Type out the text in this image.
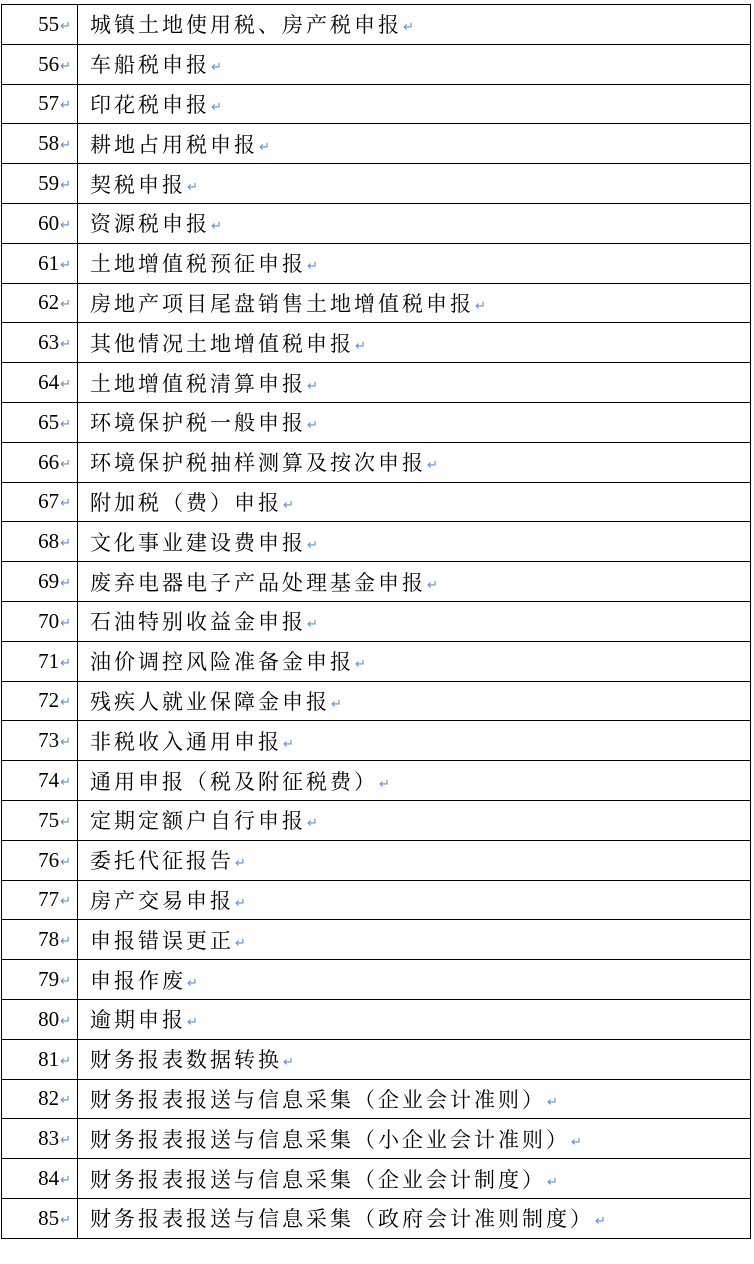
55↵	城镇土地使用税、房产税申报↵
56↵	车船税申报↵
57↵	印花税申报↵
58↵	耕地占用税申报↵
59↵	契税申报↵
60↵	资源税申报↵
61↵	土地增值税预征申报↵
62↵	房地产项目尾盘销售土地增值税申报↵
63↵	其他情况土地增值税申报↵
64↵	土地增值税清算申报↵
65↵	环境保护税一般申报↵
66↵	环境保护税抽样测算及按次申报↵
67↵	附加税（费）申报↵
68↵	文化事业建设费申报↵
69↵	废弃电器电子产品处理基金申报↵
70↵	石油特别收益金申报↵
71↵	油价调控风险准备金申报↵
72↵	残疾人就业保障金申报↵
73↵	非税收入通用申报↵
74↵	通用申报（税及附征税费）↵
75↵	定期定额户自行申报↵
76↵	委托代征报告↵
77↵	房产交易申报↵
78↵	申报错误更正↵
79↵	申报作废↵
80↵	逾期申报↵
81↵	财务报表数据转换↵
82↵	财务报表报送与信息采集（企业会计准则）↵
83↵	财务报表报送与信息采集（小企业会计准则）↵
84↵	财务报表报送与信息采集（企业会计制度）↵
85↵	财务报表报送与信息采集（政府会计准则制度）↵
